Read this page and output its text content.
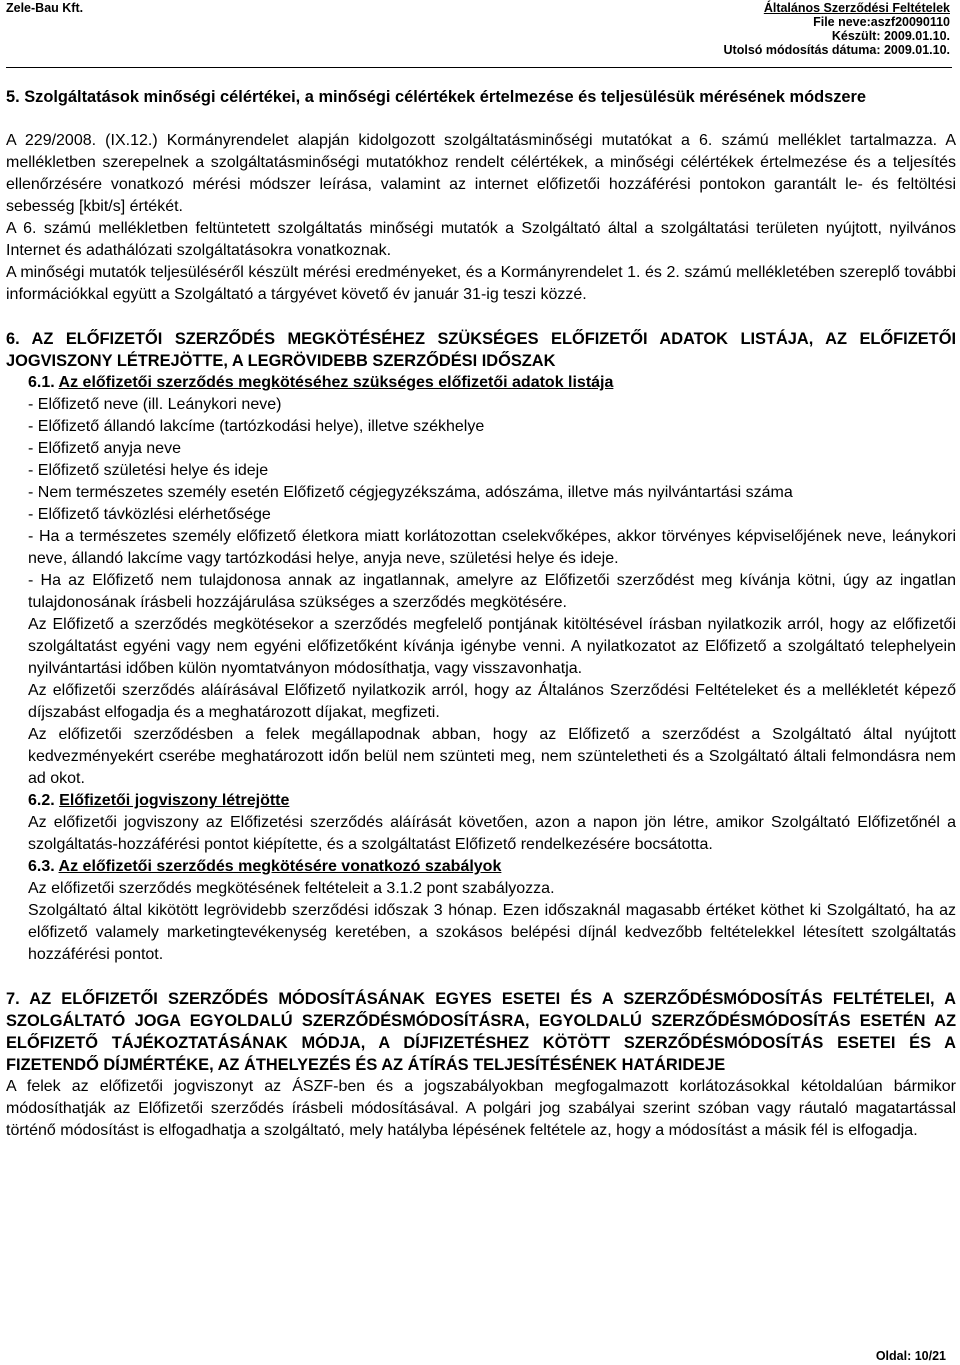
Zele-Bau Kft.	Általános Szerződési Feltételek
File neve:aszf20090110
Készült: 2009.01.10.
Utolsó módosítás dátuma: 2009.01.10.

5. Szolgáltatások minőségi célértékei, a minőségi célértékek értelmezése és teljesülésük mérésének módszere

A 229/2008. (IX.12.) Kormányrendelet alapján kidolgozott szolgáltatásminőségi mutatókat a 6. számú melléklet tartalmazza. A mellékletben szerepelnek a szolgáltatásminőségi mutatókhoz rendelt célértékek, a minőségi célértékek értelmezése és a teljesítés ellenőrzésére vonatkozó mérési módszer leírása, valamint az internet előfizetői hozzáférési pontokon garantált le- és feltöltési sebesség [kbit/s] értékét.

A 6. számú mellékletben feltüntetett szolgáltatás minőségi mutatók a Szolgáltató által a szolgáltatási területen nyújtott, nyilvános Internet és adathálózati szolgáltatásokra vonatkoznak.

A minőségi mutatók teljesüléséről készült mérési eredményeket, és a Kormányrendelet 1. és 2. számú mellékletében szereplő további információkkal együtt a Szolgáltató a tárgyévet követő év január 31-ig teszi közzé.

6. AZ ELŐFIZETŐI SZERZŐDÉS MEGKÖTÉSÉHEZ SZÜKSÉGES ELŐFIZETŐI ADATOK LISTÁJA, AZ ELŐFIZETŐI JOGVISZONY LÉTREJÖTTE, A LEGRÖVIDEBB SZERZŐDÉSI IDŐSZAK

6.1. Az előfizetői szerződés megkötéséhez szükséges előfizetői adatok listája

- Előfizető neve (ill. Leánykori neve)

- Előfizető állandó lakcíme (tartózkodási helye), illetve székhelye

- Előfizető anyja neve

- Előfizető születési helye és ideje

- Nem természetes személy esetén Előfizető cégjegyzékszáma, adószáma, illetve más nyilvántartási száma

- Előfizető távközlési elérhetősége

- Ha a természetes személy előfizető életkora miatt korlátozottan cselekvőképes, akkor törvényes képviselőjének neve, leánykori neve, állandó lakcíme vagy tartózkodási helye, anyja neve, születési helye és ideje.

- Ha az Előfizető nem tulajdonosa annak az ingatlannak, amelyre az Előfizetői szerződést meg kívánja kötni, úgy az ingatlan tulajdonosának írásbeli hozzájárulása szükséges a szerződés megkötésére.

Az Előfizető a szerződés megkötésekor a szerződés megfelelő pontjának kitöltésével írásban nyilatkozik arról, hogy az előfizetői szolgáltatást egyéni vagy nem egyéni előfizetőként kívánja igénybe venni. A nyilatkozatot az Előfizető a szolgáltató telephelyein nyilvántartási időben külön nyomtatványon módosíthatja, vagy visszavonhatja.

Az előfizetői szerződés aláírásával Előfizető nyilatkozik arról, hogy az Általános Szerződési Feltételeket és a mellékletét képező díjszabást elfogadja és a meghatározott díjakat, megfizeti.

Az előfizetői szerződésben a felek megállapodnak abban, hogy az Előfizető a szerződést a Szolgáltató által nyújtott kedvezményekért cserébe meghatározott időn belül nem szünteti meg, nem szünteletheti és a Szolgáltató általi felmondásra nem ad okot.

6.2. Előfizetői jogviszony létrejötte

Az előfizetői jogviszony az Előfizetési szerződés aláírását követően, azon a napon jön létre, amikor Szolgáltató Előfizetőnél a szolgáltatás-hozzáférési pontot kiépítette, és a szolgáltatást Előfizető rendelkezésére bocsátotta.

6.3. Az előfizetői szerződés megkötésére vonatkozó szabályok

Az előfizetői szerződés megkötésének feltételeit a 3.1.2 pont szabályozza.

Szolgáltató által kikötött legrövidebb szerződési időszak 3 hónap. Ezen időszaknál magasabb értéket köthet ki Szolgáltató, ha az előfizető valamely marketingtevékenység keretében, a szokásos belépési díjnál kedvezőbb feltételekkel létesített szolgáltatás hozzáférési pontot.

7. AZ ELŐFIZETŐI SZERZŐDÉS MÓDOSÍTÁSÁNAK EGYES ESETEI ÉS A SZERZŐDÉSMÓDOSÍTÁS FELTÉTELEI, A SZOLGÁLTATÓ JOGA EGYOLDALÚ SZERZŐDÉSMÓDOSÍTÁSRA, EGYOLDALÚ SZERZŐDÉSMÓDOSÍTÁS ESETÉN AZ ELŐFIZETŐ TÁJÉKOZTATÁSÁNAK MÓDJA, A DÍJFIZETÉSHEZ KÖTÖTT SZERZŐDÉSMÓDOSÍTÁS ESETEI ÉS A FIZETENDŐ DÍJMÉRTÉKE, AZ ÁTHELYEZÉS ÉS AZ ÁTÍRÁS TELJESÍTÉSÉNEK HATÁRIDEJE

A felek az előfizetői jogviszonyt az ÁSZF-ben és a jogszabályokban megfogalmazott korlátozásokkal kétoldalúan bármikor módosíthatják az Előfizetői szerződés írásbeli módosításával. A polgári jog szabályai szerint szóban vagy ráutaló magatartással történő módosítást is elfogadhatja a szolgáltató, mely hatályba lépésének feltétele az, hogy a módosítást a másik fél is elfogadja.

Oldal: 10/21
